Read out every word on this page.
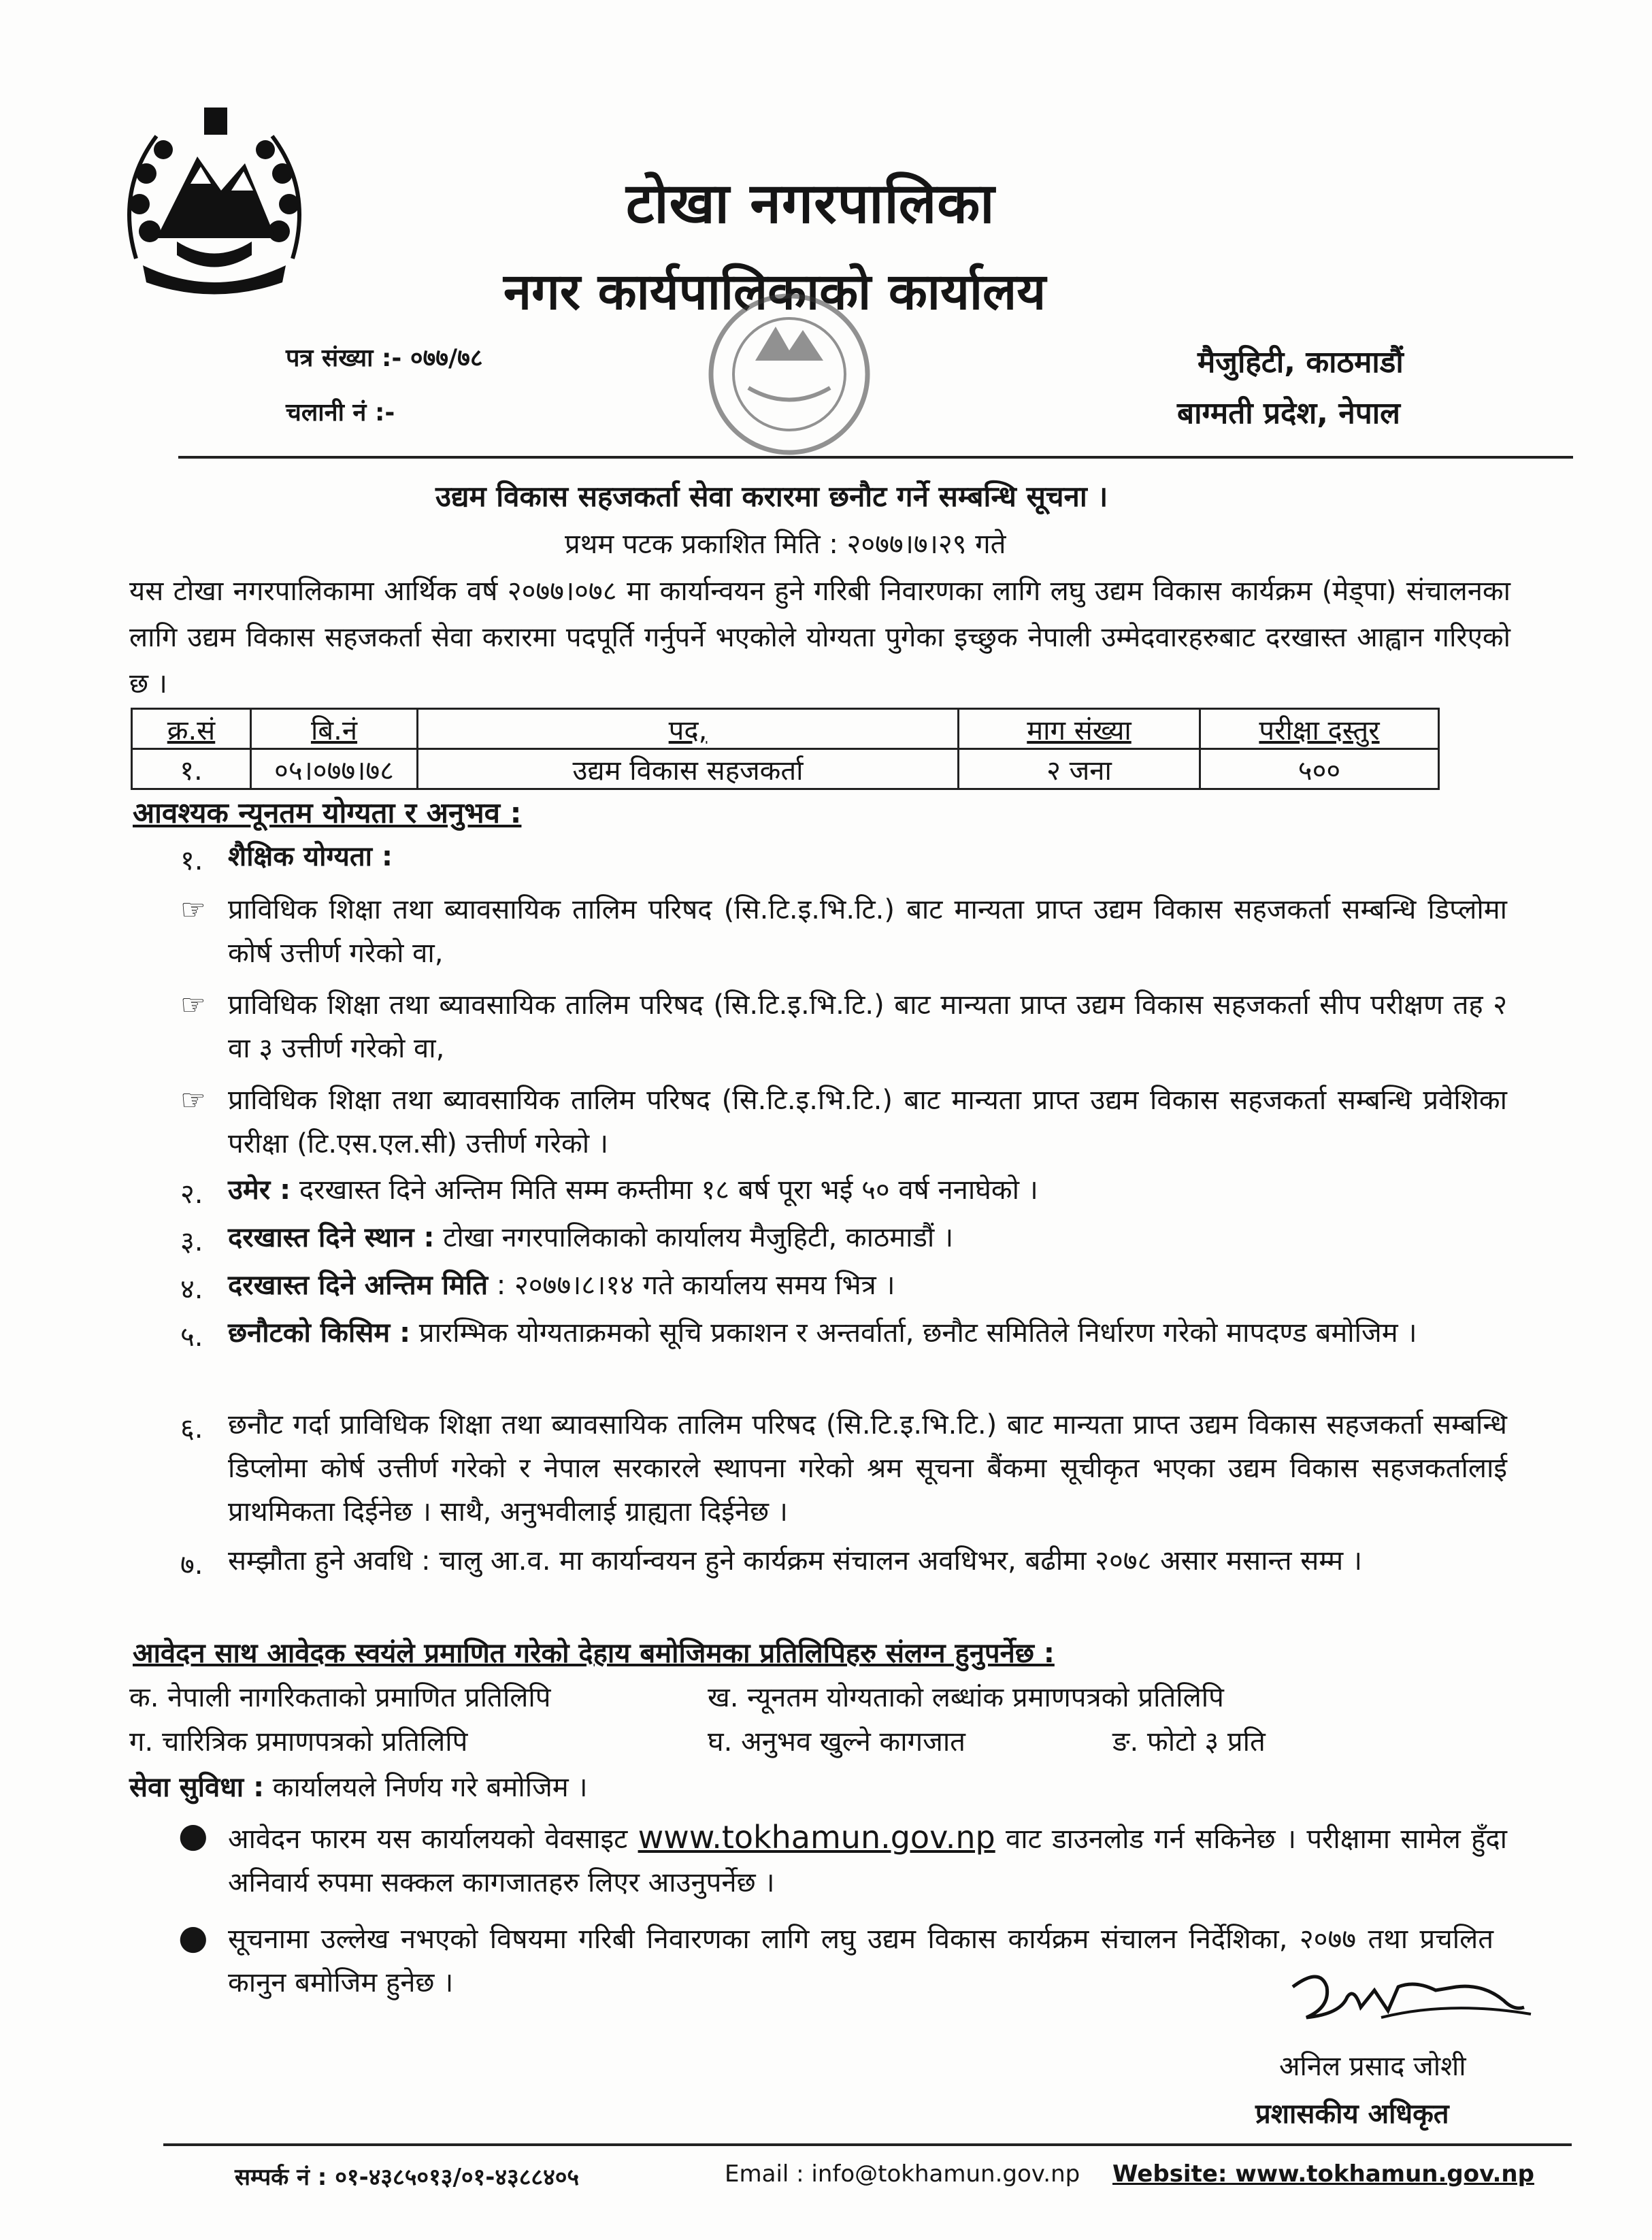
टोखा नगरपालिका
नगर कार्यपालिकाको कार्यालय
पत्र संख्या :- ०७७/७८
चलानी नं :-
मैजुहिटी, काठमाडौं
बाग्मती प्रदेश, नेपाल
उद्यम विकास सहजकर्ता सेवा करारमा छनौट गर्ने सम्बन्धि सूचना ।
प्रथम पटक प्रकाशित मिति : २०७७।७।२९ गते
यस टोखा नगरपालिकामा आर्थिक वर्ष २०७७।०७८ मा कार्यान्वयन हुने गरिबी निवारणका लागि लघु उद्यम विकास कार्यक्रम (मेड्पा) संचालनका लागि उद्यम विकास सहजकर्ता सेवा करारमा पदपूर्ति गर्नुपर्ने भएकोले योग्यता पुगेका इच्छुक नेपाली उम्मेदवारहरुबाट दरखास्त आह्वान गरिएको छ ।
क्र.सं	बि.नं	पद,	माग संख्या	परीक्षा दस्तुर
१.	०५।०७७।७८	उद्यम विकास सहजकर्ता	२ जना	५००
आवश्यक न्यूनतम योग्यता र अनुभव :
१. शैक्षिक योग्यता :
☞ प्राविधिक शिक्षा तथा ब्यावसायिक तालिम परिषद (सि.टि.इ.भि.टि.) बाट मान्यता प्राप्त उद्यम विकास सहजकर्ता सम्बन्धि डिप्लोमा कोर्ष उत्तीर्ण गरेको वा,
☞ प्राविधिक शिक्षा तथा ब्यावसायिक तालिम परिषद (सि.टि.इ.भि.टि.) बाट मान्यता प्राप्त उद्यम विकास सहजकर्ता सीप परीक्षण तह २ वा ३ उत्तीर्ण गरेको वा,
☞ प्राविधिक शिक्षा तथा ब्यावसायिक तालिम परिषद (सि.टि.इ.भि.टि.) बाट मान्यता प्राप्त उद्यम विकास सहजकर्ता सम्बन्धि प्रवेशिका परीक्षा (टि.एस.एल.सी) उत्तीर्ण गरेको ।
२. उमेर : दरखास्त दिने अन्तिम मिति सम्म कम्तीमा १८ बर्ष पूरा भई ५० वर्ष ननाघेको ।
३. दरखास्त दिने स्थान : टोखा नगरपालिकाको कार्यालय मैजुहिटी, काठमाडौं ।
४. दरखास्त दिने अन्तिम मिति : २०७७।८।१४ गते कार्यालय समय भित्र ।
५. छनौटको किसिम : प्रारम्भिक योग्यताक्रमको सूचि प्रकाशन र अन्तर्वार्ता, छनौट समितिले निर्धारण गरेको मापदण्ड बमोजिम ।
६. छनौट गर्दा प्राविधिक शिक्षा तथा ब्यावसायिक तालिम परिषद (सि.टि.इ.भि.टि.) बाट मान्यता प्राप्त उद्यम विकास सहजकर्ता सम्बन्धि डिप्लोमा कोर्ष उत्तीर्ण गरेको र नेपाल सरकारले स्थापना गरेको श्रम सूचना बैंकमा सूचीकृत भएका उद्यम विकास सहजकर्तालाई प्राथमिकता दिईनेछ । साथै, अनुभवीलाई ग्राह्यता दिईनेछ ।
७. सम्झौता हुने अवधि : चालु आ.व. मा कार्यान्वयन हुने कार्यक्रम संचालन अवधिभर, बढीमा २०७८ असार मसान्त सम्म ।
आवेदन साथ आवेदक स्वयंले प्रमाणित गरेको देहाय बमोजिमका प्रतिलिपिहरु संलग्न हुनुपर्नेछ :
क. नेपाली नागरिकताको प्रमाणित प्रतिलिपि	ख. न्यूनतम योग्यताको लब्धांक प्रमाणपत्रको प्रतिलिपि
ग. चारित्रिक प्रमाणपत्रको प्रतिलिपि	घ. अनुभव खुल्ने कागजात	ङ. फोटो ३ प्रति
सेवा सुविधा : कार्यालयले निर्णय गरे बमोजिम ।
● आवेदन फारम यस कार्यालयको वेवसाइट www.tokhamun.gov.np वाट डाउनलोड गर्न सकिनेछ । परीक्षामा सामेल हुँदा अनिवार्य रुपमा सक्कल कागजातहरु लिएर आउनुपर्नेछ ।
● सूचनामा उल्लेख नभएको विषयमा गरिबी निवारणका लागि लघु उद्यम विकास कार्यक्रम संचालन निर्देशिका, २०७७ तथा प्रचलित कानुन बमोजिम हुनेछ ।
अनिल प्रसाद जोशी
प्रशासकीय अधिकृत
सम्पर्क नं : ०१-४३८५०१३/०१-४३८८४०५	Email : info@tokhamun.gov.np Website: www.tokhamun.gov.np
